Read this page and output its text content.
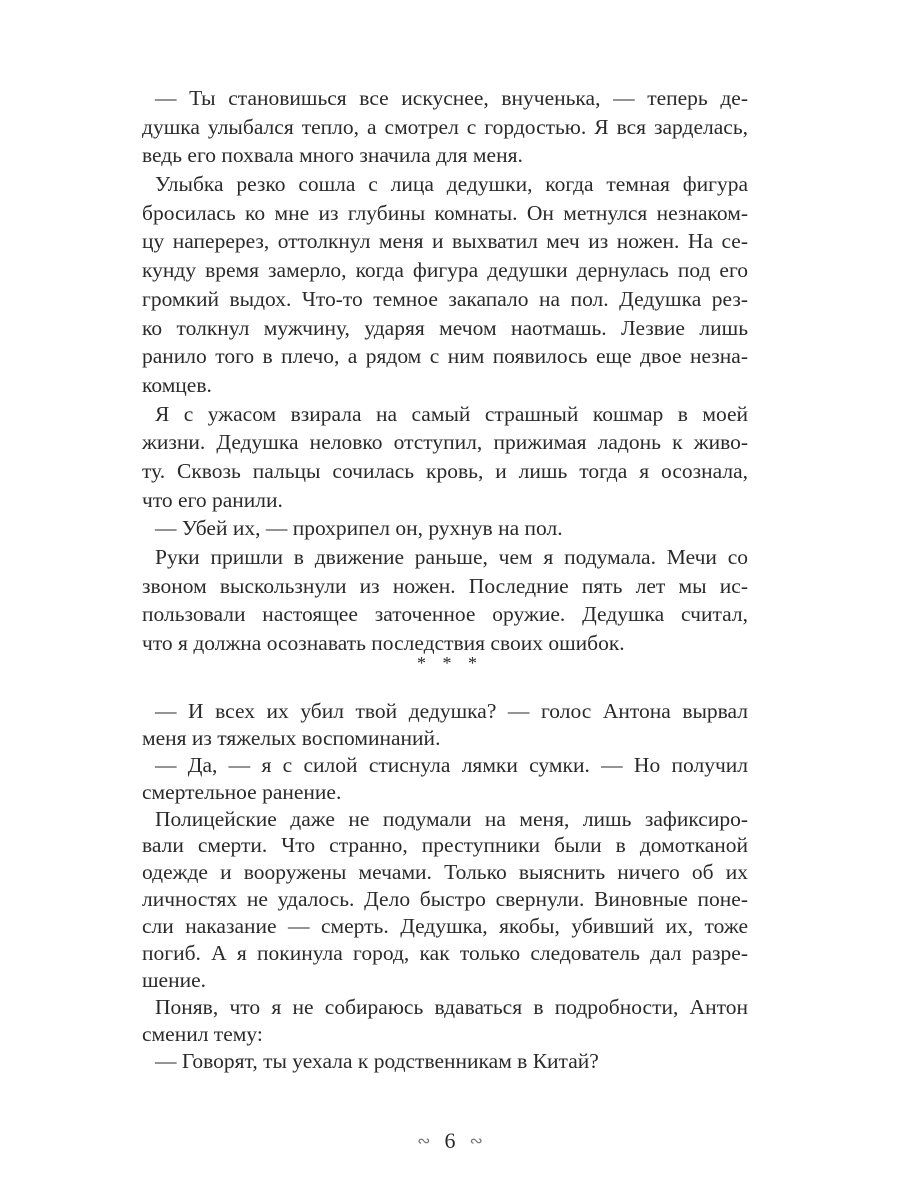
— Ты становишься все искуснее, внученька, — теперь де-
душка улыбался тепло, а смотрел с гордостью. Я вся зарделась,
ведь его похвала много значила для меня.
Улыбка резко сошла с лица дедушки, когда темная фигура
бросилась ко мне из глубины комнаты. Он метнулся незнаком-
цу наперерез, оттолкнул меня и выхватил меч из ножен. На се-
кунду время замерло, когда фигура дедушки дернулась под его
громкий выдох. Что-то темное закапало на пол. Дедушка рез-
ко толкнул мужчину, ударяя мечом наотмашь. Лезвие лишь
ранило того в плечо, а рядом с ним появилось еще двое незна-
комцев.
Я с ужасом взирала на самый страшный кошмар в моей
жизни. Дедушка неловко отступил, прижимая ладонь к живо-
ту. Сквозь пальцы сочилась кровь, и лишь тогда я осознала,
что его ранили.
— Убей их, — прохрипел он, рухнув на пол.
Руки пришли в движение раньше, чем я подумала. Мечи со
звоном выскользнули из ножен. Последние пять лет мы ис-
пользовали настоящее заточенное оружие. Дедушка считал,
что я должна осознавать последствия своих ошибок.
* * *
— И всех их убил твой дедушка? — голос Антона вырвал
меня из тяжелых воспоминаний.
— Да, — я с силой стиснула лямки сумки. — Но получил
смертельное ранение.
Полицейские даже не подумали на меня, лишь зафиксиро-
вали смерти. Что странно, преступники были в домотканой
одежде и вооружены мечами. Только выяснить ничего об их
личностях не удалось. Дело быстро свернули. Виновные поне-
сли наказание — смерть. Дедушка, якобы, убивший их, тоже
погиб. А я покинула город, как только следователь дал разре-
шение.
Поняв, что я не собираюсь вдаваться в подробности, Антон
сменил тему:
— Говорят, ты уехала к родственникам в Китай?
∾ 6 ∾
